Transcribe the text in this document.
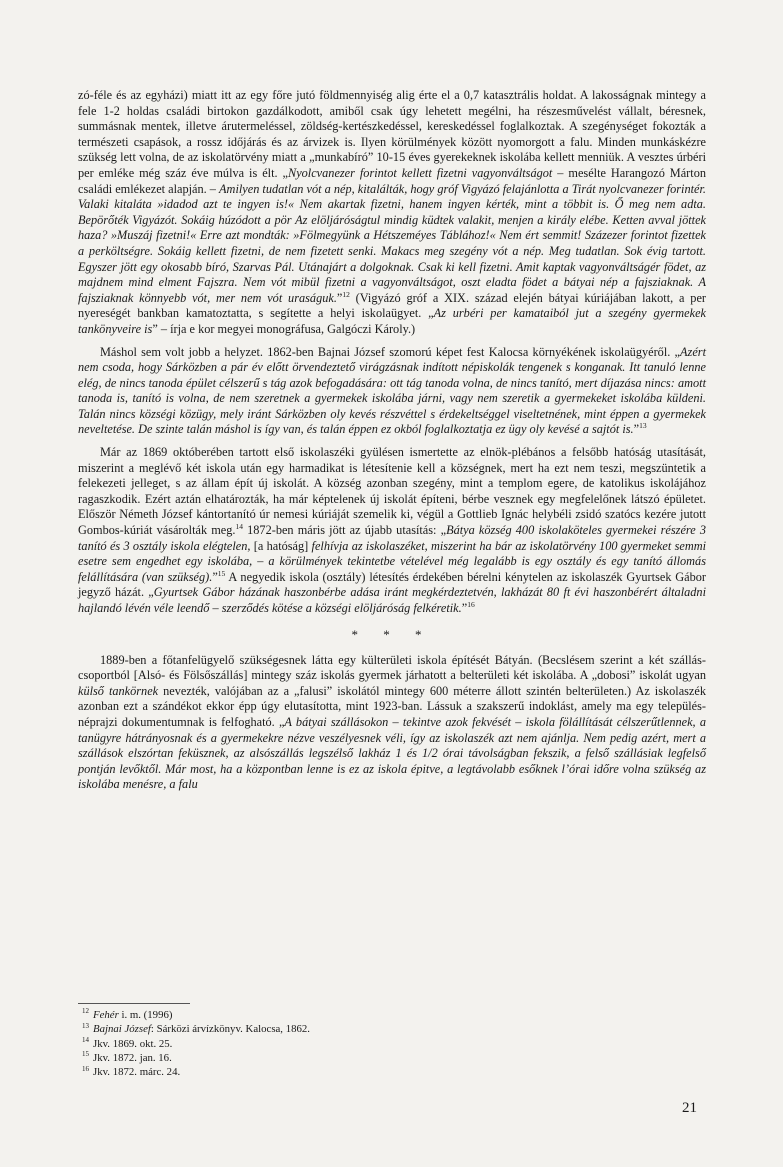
zó-féle és az egyházi) miatt itt az egy főre jutó földmennyiség alig érte el a 0,7 katasztrális holdat. A lakosságnak mintegy a fele 1-2 holdas családi birtokon gazdálkodott, amiből csak úgy lehetett megélni, ha részesművelést vállalt, béresnek, summásnak mentek, illetve árutermeléssel, zöldség-kertészkedéssel, kereskedéssel foglalkoztak. A szegénységet fokozták a természeti csapások, a rossz időjárás és az árvizek is. Ilyen körülmények között nyomorgott a falu. Minden munkáskézre szükség lett volna, de az iskolatörvény miatt a „munkabíró” 10-15 éves gyerekeknek iskolába kellett menniük. A vesztes úrbéri per emléke még száz éve múlva is élt. „Nyolcvanezer forintot kellett fizetni vagyonváltságot – mesélte Harangozó Márton családi emlékezet alapján. – Amilyen tudatlan vót a nép, kitalálták, hogy gróf Vigyázó felajánlotta a Tirát nyolcvanezer forintér. Valaki kitaláta »idadod azt te ingyen is!« Nem akartak fizetni, hanem ingyen kérték, mint a többit is. Ő meg nem adta. Bepörőték Vigyázót. Sokáig húzódott a pör Az elöljáróságtul mindig küdtek valakit, menjen a király elébe. Ketten avval jöttek haza? »Muszáj fizetni!« Erre azt mondták: »Fölmegyünk a Hétszeméyes Táblához!« Nem ért semmit! Százezer forintot fizettek a perköltségre. Sokáig kellett fizetni, de nem fizetett senki. Makacs meg szegény vót a nép. Meg tudatlan. Sok évig tartott. Egyszer jött egy okosabb bíró, Szarvas Pál. Utánajárt a dolgoknak. Csak ki kell fizetni. Amit kaptak vagyonváltságér födet, az majdnem mind elment Fajszra. Nem vót mibül fizetni a vagyonváltságot, oszt eladta födet a bátyai nép a fajsziaknak. A fajsziaknak könnyebb vót, mer nem vót uraságuk.”$^{12}$ (Vigyázó gróf a XIX. század elején bátyai kúriájában lakott, a per nyereségét bankban kamatoztatta, s segítette a helyi iskolaügyet. „Az urbéri per kamataiból jut a szegény gyermekek tankönyveire is” – írja e kor megyei monográfusa, Galgóczi Károly.)

Máshol sem volt jobb a helyzet. 1862-ben Bajnai József szomorú képet fest Kalocsa környékének iskolaügyéről. „Azért nem csoda, hogy Sárközben a pár év előtt örvendeztető virágzásnak indított népiskolák tengenek s konganak. Itt tanuló lenne elég, de nincs tanoda épület célszerű s tág azok befogadására: ott tág tanoda volna, de nincs tanító, mert díjazása nincs: amott tanoda is, tanító is volna, de nem szeretnek a gyermekek iskolába járni, vagy nem szeretik a gyermekeket iskolába küldeni. Talán nincs községi közügy, mely iránt Sárközben oly kevés részvéttel s érdekeltséggel viseltetnének, mint éppen a gyermekek neveltetése. De szinte talán máshol is így van, és talán éppen ez okból foglalkoztatja ez ügy oly kevésé a sajtót is.”$^{13}$

Már az 1869 októberében tartott első iskolaszéki gyülésen ismertette az elnök-plébános a felsőbb hatóság utasítását, miszerint a meglévő két iskola után egy harmadikat is létesítenie kell a községnek, mert ha ezt nem teszi, megszüntetik a felekezeti jelleget, s az állam épít új iskolát. A község azonban szegény, mint a templom egere, de katolikus iskolájához ragaszkodik. Ezért aztán elhatározták, ha már képtelenek új iskolát építeni, bérbe vesznek egy megfelelőnek látszó épületet. Először Németh József kántortanító úr nemesi kúriáját szemelik ki, végül a Gottlieb Ignác helybéli zsidó szatócs kezére jutott Gombos-kúriát vásárolták meg.$^{14}$ 1872-ben máris jött az újabb utasítás: „Bátya község 400 iskolaköteles gyermekei részére 3 tanító és 3 osztály iskola elégtelen, [a hatóság] felhívja az iskolaszéket, miszerint ha bár az iskolatörvény 100 gyermeket semmi esetre sem engedhet egy iskolába, – a körülmények tekintetbe vételével még legalább is egy osztály és egy tanító állomás felállítására (van szükség).”$^{15}$ A negyedik iskola (osztály) létesítés érdekében bérelni kénytelen az iskolaszék Gyurtsek Gábor jegyző házát. „Gyurtsek Gábor házának haszonbérbe adása iránt megkérdeztetvén, lakházát 80 ft évi haszonbérért általadni hajlandó lévén véle leendő – szerződés kötése a községi elöljáróság felkéretik.”$^{16}$

* * *

1889-ben a főtanfelügyelő szükségesnek látta egy külterületi iskola építését Bátyán. (Becslésem szerint a két szállás-csoportból [Alsó- és Fölsőszállás] mintegy száz iskolás gyermek járhatott a belterületi két iskolába. A „dobosi” iskolát ugyan külső tankörnek nevezték, valójában az a „falusi” iskolától mintegy 600 méterre állott szintén belterületen.) Az iskolaszék azonban ezt a szándékot ekkor épp úgy elutasította, mint 1923-ban. Lássuk a szakszerű indoklást, amely ma egy település-néprajzi dokumentumnak is felfogható. „A bátyai szállásokon – tekintve azok fekvését – iskola fölállítását célszerűtlennek, a tanügyre hátrányosnak és a gyermekekre nézve veszélyesnek véli, így az iskolaszék azt nem ajánlja. Nem pedig azért, mert a szállások elszórtan feküsznek, az alsószállás legszélső lakház 1 és 1/2 órai távolságban fekszik, a felső szállásiak legfelső pontján levőktől. Már most, ha a központban lenne is ez az iskola épitve, a legtávolabb esőknek l’órai időre volna szükség az iskolába menésre, a falu

$^{12}$ Fehér i. m. (1996)

$^{13}$ Bajnai József: Sárközi árvízkönyv. Kalocsa, 1862.

$^{14}$ Jkv. 1869. okt. 25.

$^{15}$ Jkv. 1872. jan. 16.

$^{16}$ Jkv. 1872. márc. 24.

21
